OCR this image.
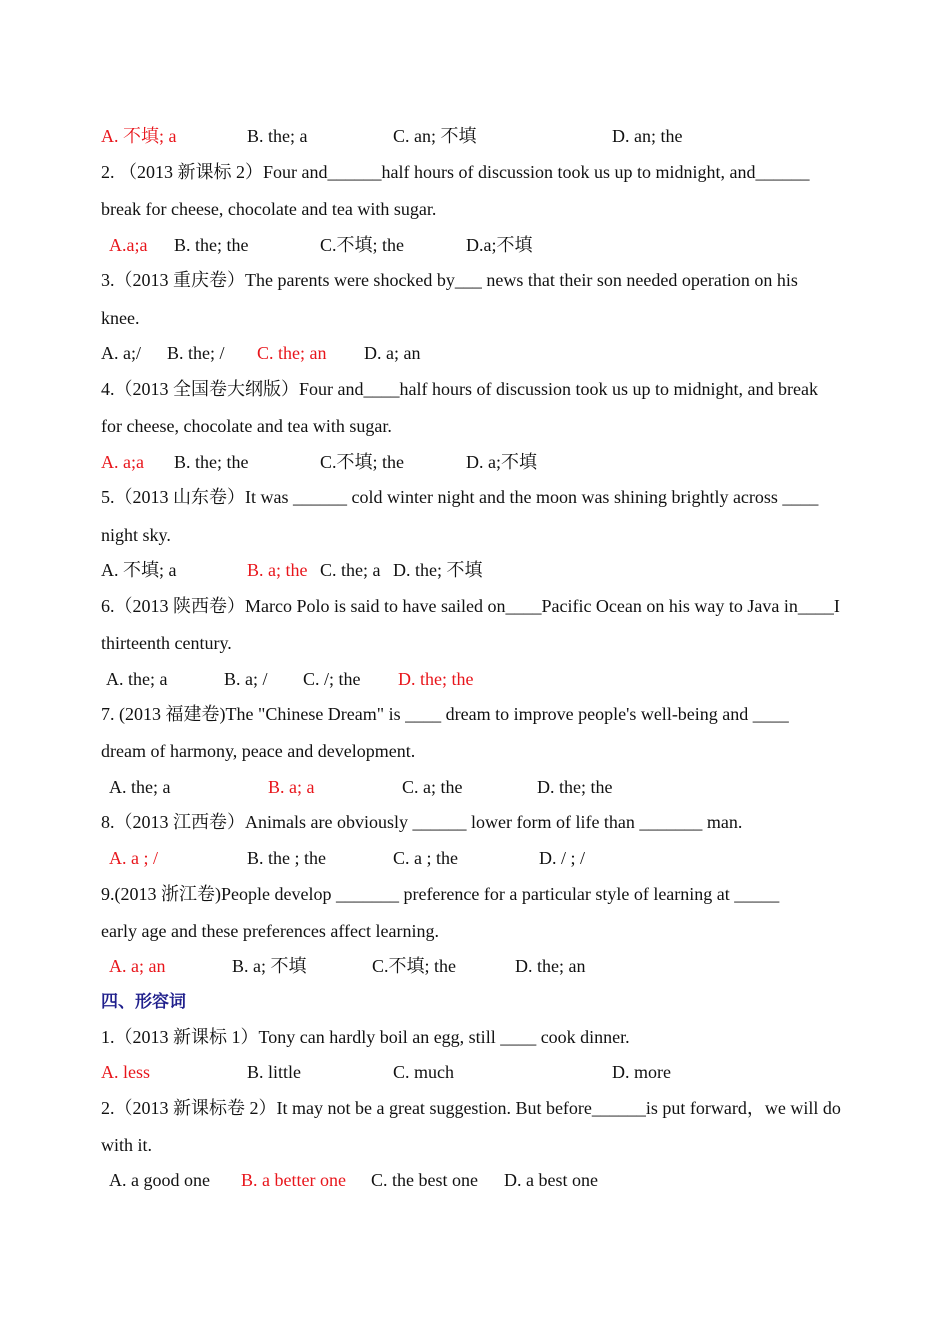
A. 不填; a	B. the; a	C. an; 不填	D. an; the
2. （2013 新课标 2）Four and______half hours of discussion took us up to midnight, and______
break for cheese, chocolate and tea with sugar.
A.a;a B. the; the	C.不填; the	D.a;不填
3.（2013 重庆卷）The parents were shocked by___ news that their son needed operation on his
knee.
A. a;/ B. the; / C. the; an D. a; an
4.（2013 全国卷大纲版）Four and____half hours of discussion took us up to midnight, and break
for cheese, chocolate and tea with sugar.
A. a;a B. the; the	C.不填; the	D. a;不填
5.（2013 山东卷）It was ______ cold winter night and the moon was shining brightly across ____
night sky.
A. 不填; a	B. a; the C. the; a D. the; 不填
6.（2013 陕西卷）Marco Polo is said to have sailed on____Pacific Ocean on his way to Java in____I
thirteenth century.
A. the; a	B. a; / C. /; the D. the; the
7. (2013 福建卷)The "Chinese Dream" is ____ dream to improve people's well-being and ____
dream of harmony, peace and development.
A. the; a	B. a; a	C. a; the	D. the; the
8.（2013 江西卷）Animals are obviously ______ lower form of life than _______ man.
A. a ; /	B. the ; the	C. a ; the	D. / ; /
9.(2013 浙江卷)People develop _______ preference for a particular style of learning at _____
early age and these preferences affect learning.
A. a; an	B. a; 不填	C.不填; the	D. the; an
四、形容词
1.（2013 新课标 1）Tony can hardly boil an egg, still ____ cook dinner.
A. less	B. little	C. much	D. more
2.（2013 新课标卷 2）It may not be a great suggestion. But before______is put forward，we will do
with it.
A. a good one B. a better one C. the best one D. a best one
